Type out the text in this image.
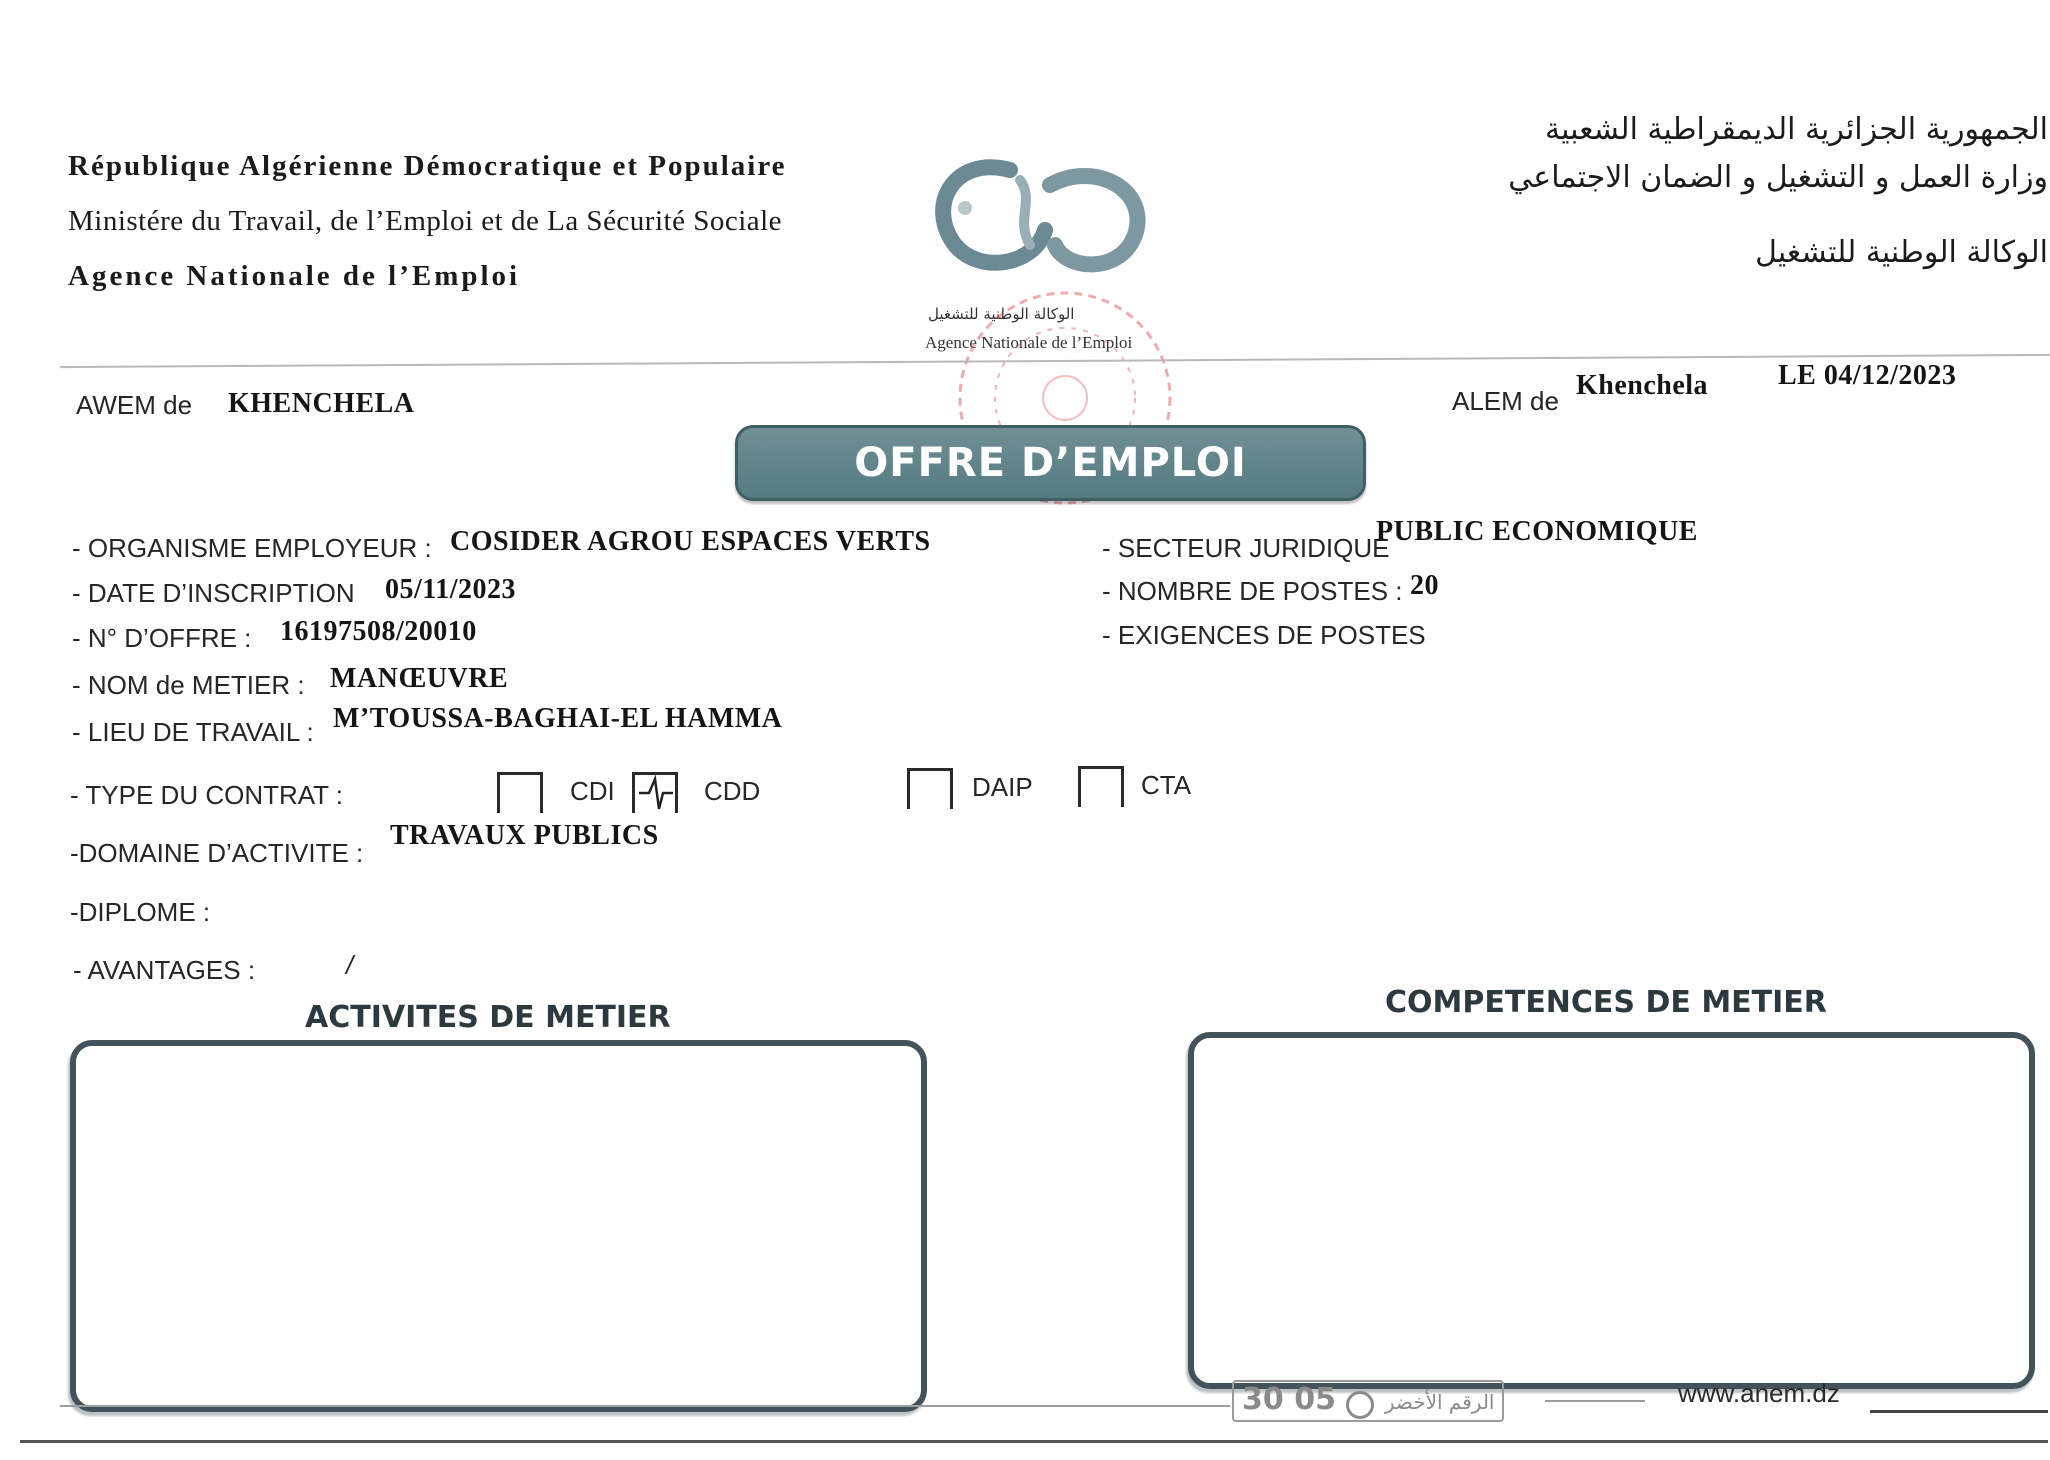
République Algérienne Démocratique et Populaire
Ministére du Travail, de l’Emploi et de La Sécurité Sociale
Agence Nationale de l’Emploi
الجمهورية الجزائرية الديمقراطية الشعبية
وزارة العمل و التشغيل و الضمان الاجتماعي
الوكالة الوطنية للتشغيل
الوكالة الوطنية للتشغيل
Agence Nationale de l’Emploi
AWEM de KHENCHELA	ALEM de Khenchela LE 04/12/2023
OFFRE D’EMPLOI
- ORGANISME EMPLOYEUR : COSIDER AGROU ESPACES VERTS
- DATE D’INSCRIPTION 05/11/2023
- N° D’OFFRE : 16197508/20010
- NOM de METIER : MANŒUVRE
- LIEU DE TRAVAIL : M’TOUSSA-BAGHAI-EL HAMMA
- SECTEUR JURIDIQUE
PUBLIC ECONOMIQUE
- NOMBRE DE POSTES : 20
- EXIGENCES DE POSTES
- TYPE DU CONTRAT :	CDI	CDD	DAIP	CTA
-DOMAINE D’ACTIVITE :
TRAVAUX PUBLICS
-DIPLOME :
- AVANTAGES :	/
ACTIVITES DE METIER	COMPETENCES DE METIER
30 05 الرقم الأخضر	www.anem.dz
